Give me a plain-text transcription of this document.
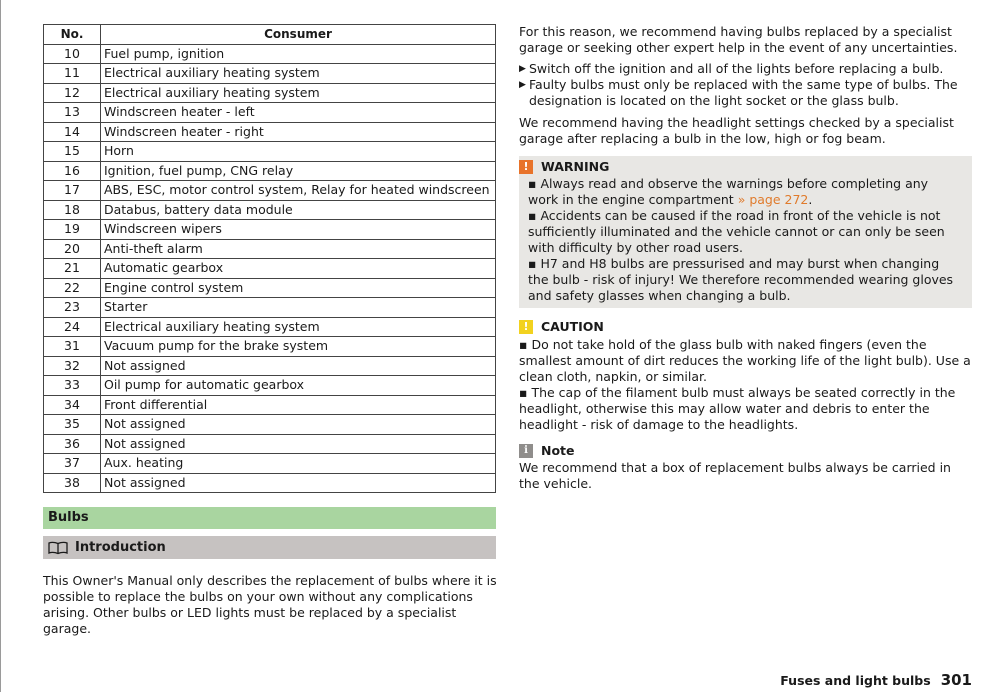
No.	Consumer
10	Fuel pump, ignition
11	Electrical auxiliary heating system
12	Electrical auxiliary heating system
13	Windscreen heater - left
14	Windscreen heater - right
15	Horn
16	Ignition, fuel pump, CNG relay
17	ABS, ESC, motor control system, Relay for heated windscreen
18	Databus, battery data module
19	Windscreen wipers
20	Anti-theft alarm
21	Automatic gearbox
22	Engine control system
23	Starter
24	Electrical auxiliary heating system
31	Vacuum pump for the brake system
32	Not assigned
33	Oil pump for automatic gearbox
34	Front differential
35	Not assigned
36	Not assigned
37	Aux. heating
38	Not assigned
Bulbs
Introduction

This Owner's Manual only describes the replacement of bulbs where it is possible to replace the bulbs on your own without any complications arising. Other bulbs or LED lights must be replaced by a specialist garage.

For this reason, we recommend having bulbs replaced by a specialist garage or seeking other expert help in the event of any uncertainties.

▶ Switch off the ignition and all of the lights before replacing a bulb.
▶ Faulty bulbs must only be replaced with the same type of bulbs. The designation is located on the light socket or the glass bulb.

We recommend having the headlight settings checked by a specialist garage after replacing a bulb in the low, high or fog beam.

! WARNING
▪ Always read and observe the warnings before completing any work in the engine compartment » page 272.
▪ Accidents can be caused if the road in front of the vehicle is not sufficiently illuminated and the vehicle cannot or can only be seen with difficulty by other road users.
▪ H7 and H8 bulbs are pressurised and may burst when changing the bulb - risk of injury! We therefore recommended wearing gloves and safety glasses when changing a bulb.
! CAUTION
▪ Do not take hold of the glass bulb with naked fingers (even the smallest amount of dirt reduces the working life of the light bulb). Use a clean cloth, napkin, or similar.
▪ The cap of the filament bulb must always be seated correctly in the headlight, otherwise this may allow water and debris to enter the headlight - risk of damage to the headlights.
i	Note

We recommend that a box of replacement bulbs always be carried in the vehicle.

Fuses and light bulbs 301
